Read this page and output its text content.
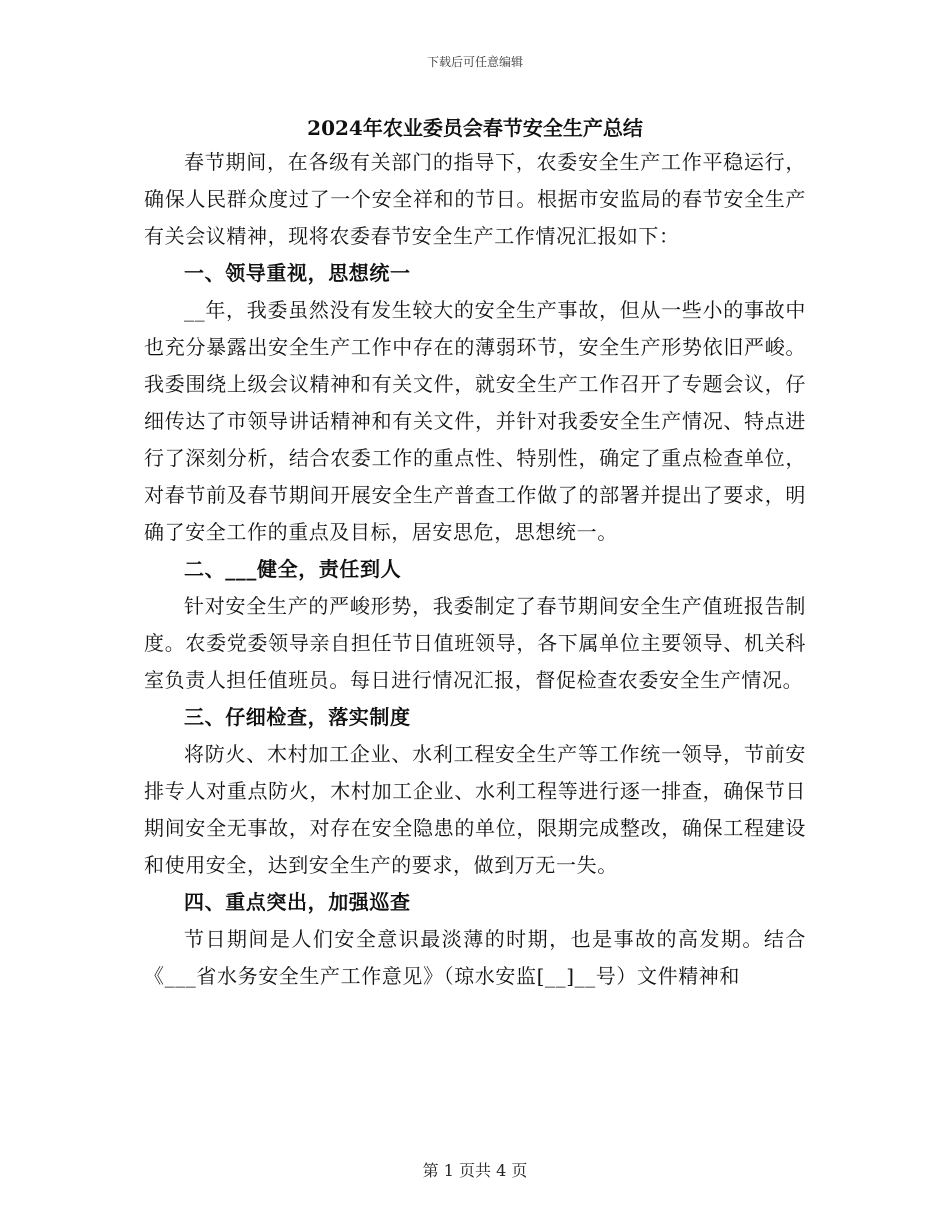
下载后可任意编辑
2024年农业委员会春节安全生产总结

春节期间，在各级有关部门的指导下，农委安全生产工作平稳运行，确保人民群众度过了一个安全祥和的节日。根据市安监局的春节安全生产有关会议精神，现将农委春节安全生产工作情况汇报如下：

一、领导重视，思想统一

__年，我委虽然没有发生较大的安全生产事故，但从一些小的事故中也充分暴露出安全生产工作中存在的薄弱环节，安全生产形势依旧严峻。我委围绕上级会议精神和有关文件，就安全生产工作召开了专题会议，仔细传达了市领导讲话精神和有关文件，并针对我委安全生产情况、特点进行了深刻分析，结合农委工作的重点性、特别性，确定了重点检查单位，对春节前及春节期间开展安全生产普查工作做了的部署并提出了要求，明确了安全工作的重点及目标，居安思危，思想统一。

二、___健全，责任到人

针对安全生产的严峻形势，我委制定了春节期间安全生产值班报告制度。农委党委领导亲自担任节日值班领导，各下属单位主要领导、机关科室负责人担任值班员。每日进行情况汇报，督促检查农委安全生产情况。

三、仔细检查，落实制度

将防火、木村加工企业、水利工程安全生产等工作统一领导，节前安排专人对重点防火，木村加工企业、水利工程等进行逐一排查，确保节日期间安全无事故，对存在安全隐患的单位，限期完成整改，确保工程建设和使用安全，达到安全生产的要求，做到万无一失。

四、重点突出，加强巡查

节日期间是人们安全意识最淡薄的时期，也是事故的高发期。结合《___省水务安全生产工作意见》（琼水安监[__]__号）文件精神和

第 1 页共 4 页
